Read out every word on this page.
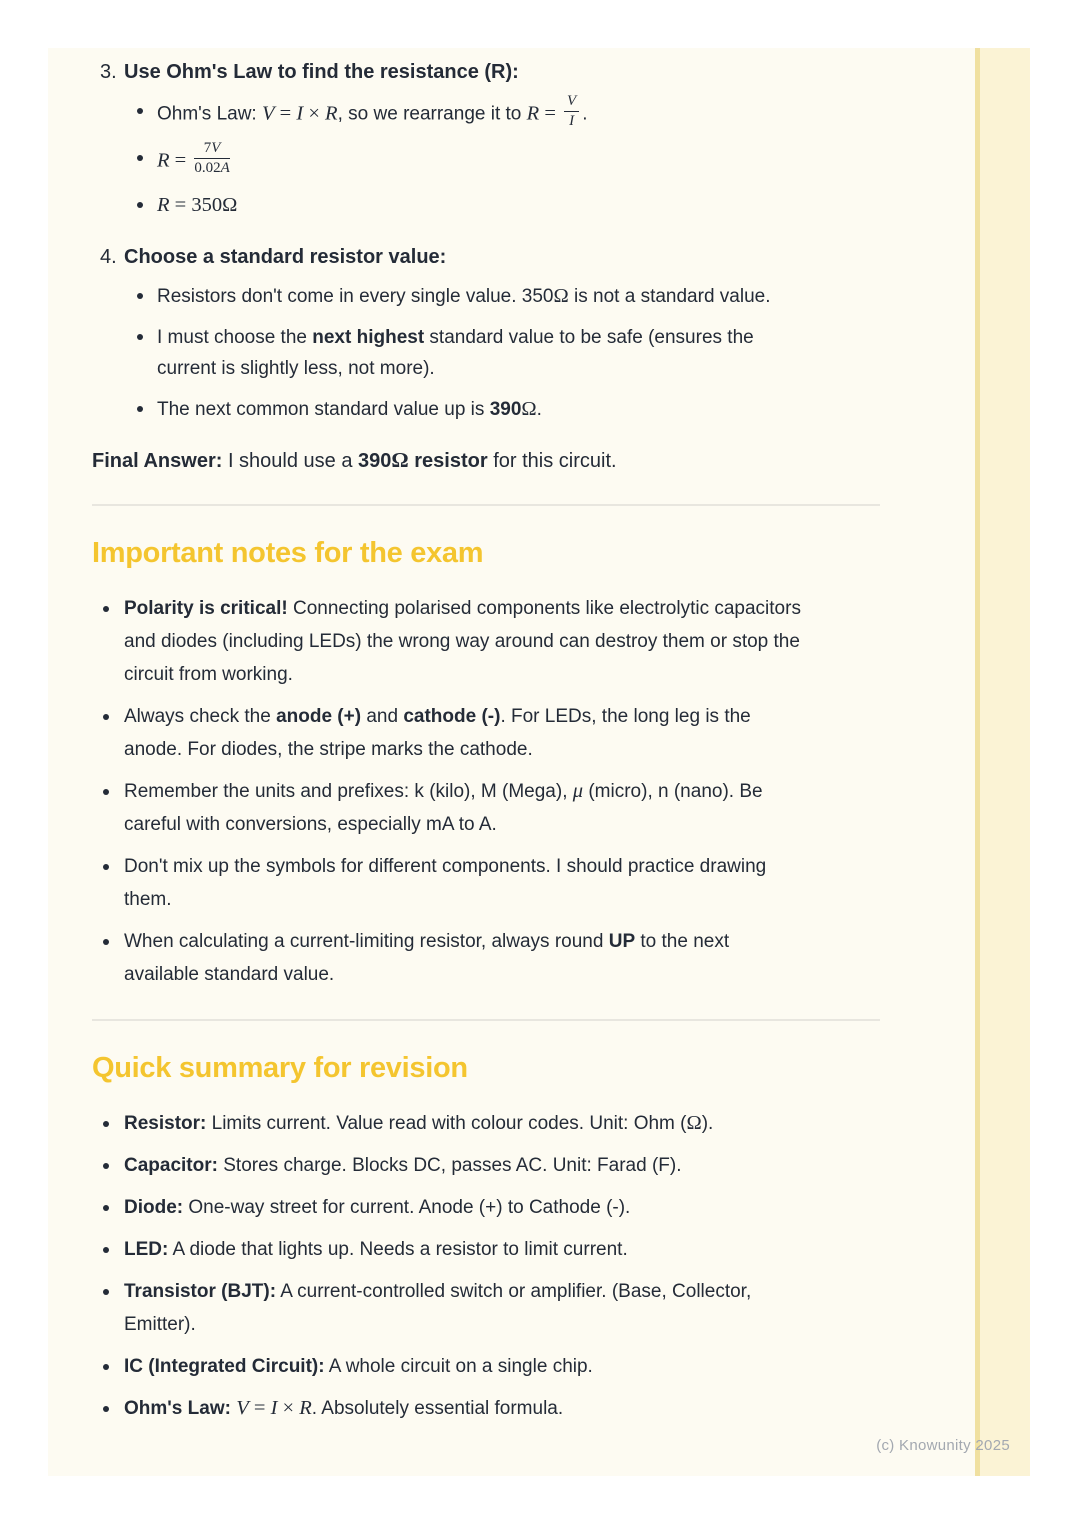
3. Use Ohm's Law to find the resistance (R):
Ohm's Law: V = I × R, so we rearrange it to $R = \frac{V}{I}$ .
$R = \frac{7V}{0.02A}$
R = 350Ω
4. Choose a standard resistor value:
Resistors don't come in every single value. 350Ω is not a standard value.
I must choose the next highest standard value to be safe (ensures the current is slightly less, not more).
The next common standard value up is 390Ω.

Final Answer: I should use a 390Ω resistor for this circuit.

Important notes for the exam
Polarity is critical! Connecting polarised components like electrolytic capacitors and diodes (including LEDs) the wrong way around can destroy them or stop the circuit from working.
Always check the anode (+) and cathode (-). For LEDs, the long leg is the anode. For diodes, the stripe marks the cathode.
Remember the units and prefixes: k (kilo), M (Mega), μ (micro), n (nano). Be careful with conversions, especially mA to A.
Don't mix up the symbols for different components. I should practice drawing them.
When calculating a current-limiting resistor, always round UP to the next available standard value.
Quick summary for revision
Resistor: Limits current. Value read with colour codes. Unit: Ohm (Ω).
Capacitor: Stores charge. Blocks DC, passes AC. Unit: Farad (F).
Diode: One-way street for current. Anode (+) to Cathode (-).
LED: A diode that lights up. Needs a resistor to limit current.
Transistor (BJT): A current-controlled switch or amplifier. (Base, Collector, Emitter).
IC (Integrated Circuit): A whole circuit on a single chip.
Ohm's Law: V = I × R. Absolutely essential formula.
(c) Knowunity 2025
